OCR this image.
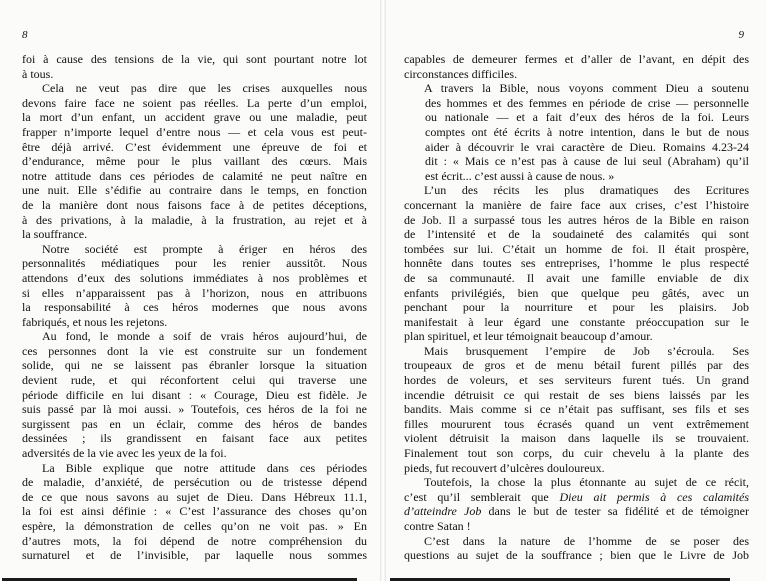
8
foi à cause des tensions de la vie, qui sont pourtant notre lot
à tous.
Cela ne veut pas dire que les crises auxquelles nous
devons faire face ne soient pas réelles. La perte d’un emploi,
la mort d’un enfant, un accident grave ou une maladie, peut
frapper n’importe lequel d’entre nous — et cela vous est peut-
être déjà arrivé. C’est évidemment une épreuve de foi et
d’endurance, même pour le plus vaillant des cœurs. Mais
notre attitude dans ces périodes de calamité ne peut naître en
une nuit. Elle s’édifie au contraire dans le temps, en fonction
de la manière dont nous faisons face à de petites déceptions,
à des privations, à la maladie, à la frustration, au rejet et à
la souffrance.
Notre société est prompte à ériger en héros des
personnalités médiatiques pour les renier aussitôt. Nous
attendons d’eux des solutions immédiates à nos problèmes et
si elles n’apparaissent pas à l’horizon, nous en attribuons
la responsabilité à ces héros modernes que nous avons
fabriqués, et nous les rejetons.
Au fond, le monde a soif de vrais héros aujourd’hui, de
ces personnes dont la vie est construite sur un fondement
solide, qui ne se laissent pas ébranler lorsque la situation
devient rude, et qui réconfortent celui qui traverse une
période difficile en lui disant : « Courage, Dieu est fidèle. Je
suis passé par là moi aussi. » Toutefois, ces héros de la foi ne
surgissent pas en un éclair, comme des héros de bandes
dessinées ; ils grandissent en faisant face aux petites
adversités de la vie avec les yeux de la foi.
La Bible explique que notre attitude dans ces périodes
de maladie, d’anxiété, de persécution ou de tristesse dépend
de ce que nous savons au sujet de Dieu. Dans Hébreux 11.1,
la foi est ainsi définie : « C’est l’assurance des choses qu’on
espère, la démonstration de celles qu’on ne voit pas. » En
d’autres mots, la foi dépend de notre compréhension du
surnaturel et de l’invisible, par laquelle nous sommes
9
capables de demeurer fermes et d’aller de l’avant, en dépit des
circonstances difficiles.
A travers la Bible, nous voyons comment Dieu a soutenu
des hommes et des femmes en période de crise — personnelle
ou nationale — et a fait d’eux des héros de la foi. Leurs
comptes ont été écrits à notre intention, dans le but de nous
aider à découvrir le vrai caractère de Dieu. Romains 4.23-24
dit : « Mais ce n’est pas à cause de lui seul (Abraham) qu’il
est écrit... c’est aussi à cause de nous. »
L’un des récits les plus dramatiques des Ecritures
concernant la manière de faire face aux crises, c’est l’histoire
de Job. Il a surpassé tous les autres héros de la Bible en raison
de l’intensité et de la soudaineté des calamités qui sont
tombées sur lui. C’était un homme de foi. Il était prospère,
honnête dans toutes ses entreprises, l’homme le plus respecté
de sa communauté. Il avait une famille enviable de dix
enfants privilégiés, bien que quelque peu gâtés, avec un
penchant pour la nourriture et pour les plaisirs. Job
manifestait à leur égard une constante préoccupation sur le
plan spirituel, et leur témoignait beaucoup d’amour.
Mais brusquement l’empire de Job s’écroula. Ses
troupeaux de gros et de menu bétail furent pillés par des
hordes de voleurs, et ses serviteurs furent tués. Un grand
incendie détruisit ce qui restait de ses biens laissés par les
bandits. Mais comme si ce n’était pas suffisant, ses fils et ses
filles moururent tous écrasés quand un vent extrêmement
violent détruisit la maison dans laquelle ils se trouvaient.
Finalement tout son corps, du cuir chevelu à la plante des
pieds, fut recouvert d’ulcères douloureux.
Toutefois, la chose la plus étonnante au sujet de ce récit,
c’est qu’il semblerait que Dieu ait permis à ces calamités
d’atteindre Job dans le but de tester sa fidélité et de témoigner
contre Satan !
C’est dans la nature de l’homme de se poser des
questions au sujet de la souffrance ; bien que le Livre de Job
